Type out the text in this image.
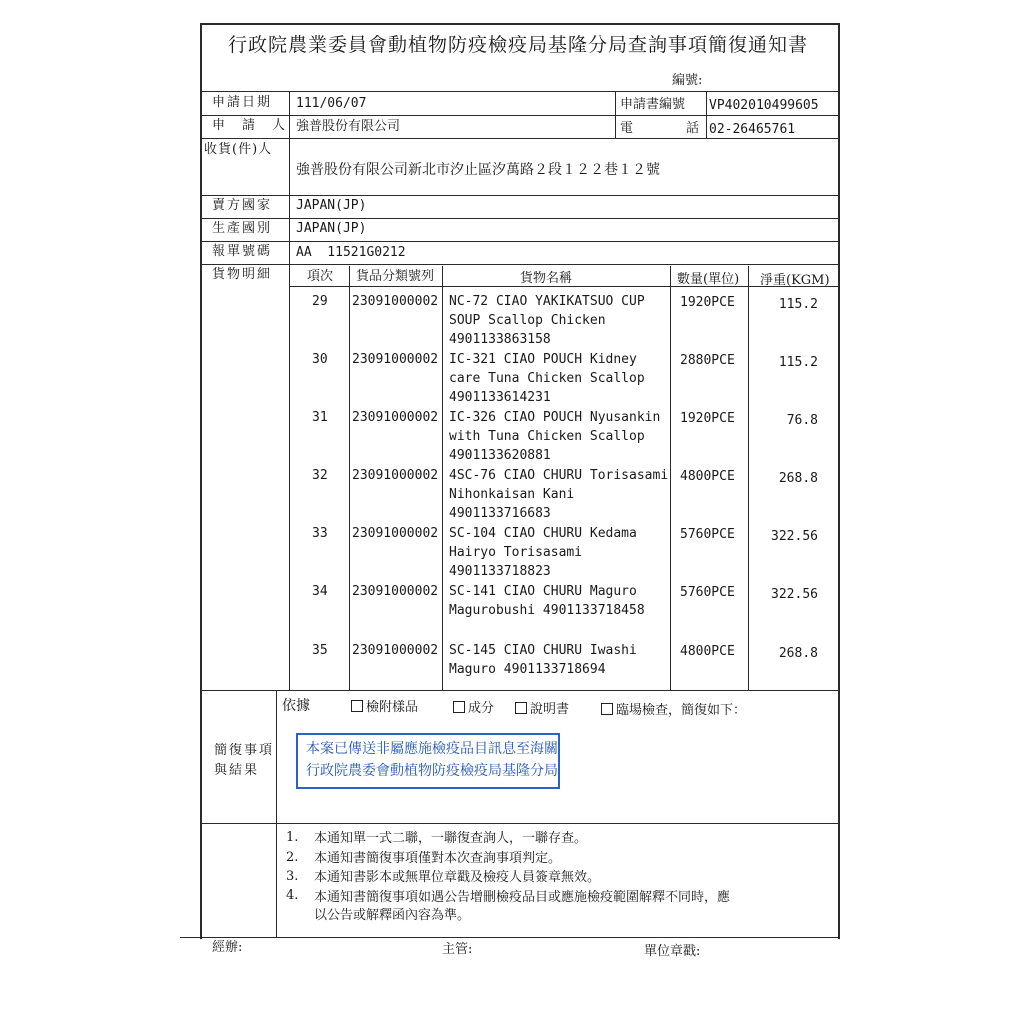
行政院農業委員會動植物防疫檢疫局基隆分局查詢事項簡復通知書
編號:
申請日期 111/06/07	申請書編號 VP402010499605
申　請　人 強普股份有限公司	電	話 02-26465761
收貨(件)人
強普股份有限公司新北市汐止區汐萬路２段１２２巷１２號
賣方國家 JAPAN(JP)
生產國別 JAPAN(JP)
報單號碼 AA  11521G0212
貨物明細	項次 貨品分類號列	貨物名稱	數量(單位) 淨重(KGM)
29 23091000002 NC-72 CIAO YAKIKATSUO CUP
SOUP Scallop Chicken
4901133863158
1920PCE	115.2
30 23091000002 IC-321 CIAO POUCH Kidney
care Tuna Chicken Scallop
4901133614231
2880PCE	115.2
31 23091000002 IC-326 CIAO POUCH Nyusankin
with Tuna Chicken Scallop
4901133620881
1920PCE	76.8
32 23091000002 4SC-76 CIAO CHURU Torisasami
Nihonkaisan Kani
4901133716683
4800PCE	268.8
33 23091000002 SC-104 CIAO CHURU Kedama
Hairyo Torisasami
4901133718823
5760PCE	322.56
34 23091000002 SC-141 CIAO CHURU Maguro
Magurobushi 4901133718458
5760PCE	322.56
35 23091000002 SC-145 CIAO CHURU Iwashi
Maguro 4901133718694
4800PCE	268.8
依據	檢附樣品	成分	說明書	臨場檢查，簡復如下：
簡復事項
與結果
本案已傳送非屬應施檢疫品目訊息至海關
行政院農委會動植物防疫檢疫局基隆分局
1. 本通知單一式二聯，一聯復查詢人，一聯存查。
2. 本通知書簡復事項僅對本次查詢事項判定。
3. 本通知書影本或無單位章戳及檢疫人員簽章無效。
4. 本通知書簡復事項如遇公告增刪檢疫品目或應施檢疫範圍解釋不同時，應
以公告或解釋函內容為準。
經辦:	主管:	單位章戳:
